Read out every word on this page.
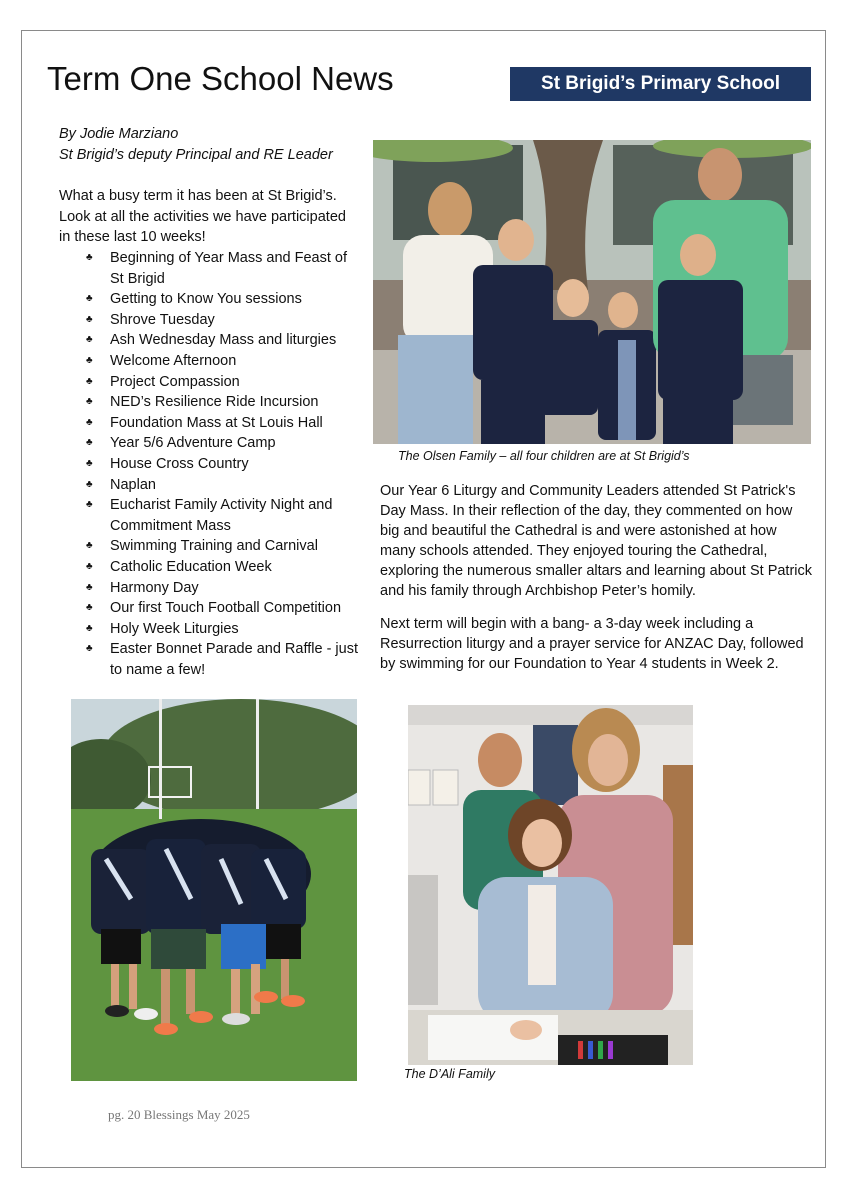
Term One School News	St Brigid’s Primary School
By Jodie Marziano
St Brigid’s deputy Principal and RE Leader
What a busy term it has been at St Brigid’s. Look at all the activities we have participated in these last 10 weeks!
♣ Beginning of Year Mass and Feast of St Brigid
♣ Getting to Know You sessions
♣ Shrove Tuesday
♣ Ash Wednesday Mass and liturgies
♣ Welcome Afternoon
♣ Project Compassion
♣ NED’s Resilience Ride Incursion
♣ Foundation Mass at St Louis Hall
♣ Year 5/6 Adventure Camp
♣ House Cross Country
♣ Naplan
♣ Eucharist Family Activity Night and Commitment Mass
♣ Swimming Training and Carnival
♣ Catholic Education Week
♣ Harmony Day
♣ Our first Touch Football Competition
♣ Holy Week Liturgies
♣ Easter Bonnet Parade and Raffle - just to name a few!
The Olsen Family – all four children are at St Brigid’s

Our Year 6 Liturgy and Community Leaders attended St Patrick's Day Mass. In their reflection of the day, they commented on how big and beautiful the Cathedral is and were astonished at how many schools attended. They enjoyed touring the Cathedral, exploring the numerous smaller altars and learning about St Patrick and his family through Archbishop Peter’s homily.

Next term will begin with a bang- a 3-day week including a Resurrection liturgy and a prayer service for ANZAC Day, followed by swimming for our Foundation to Year 4 students in Week 2.

The D’Ali Family
pg. 20 Blessings May 2025
